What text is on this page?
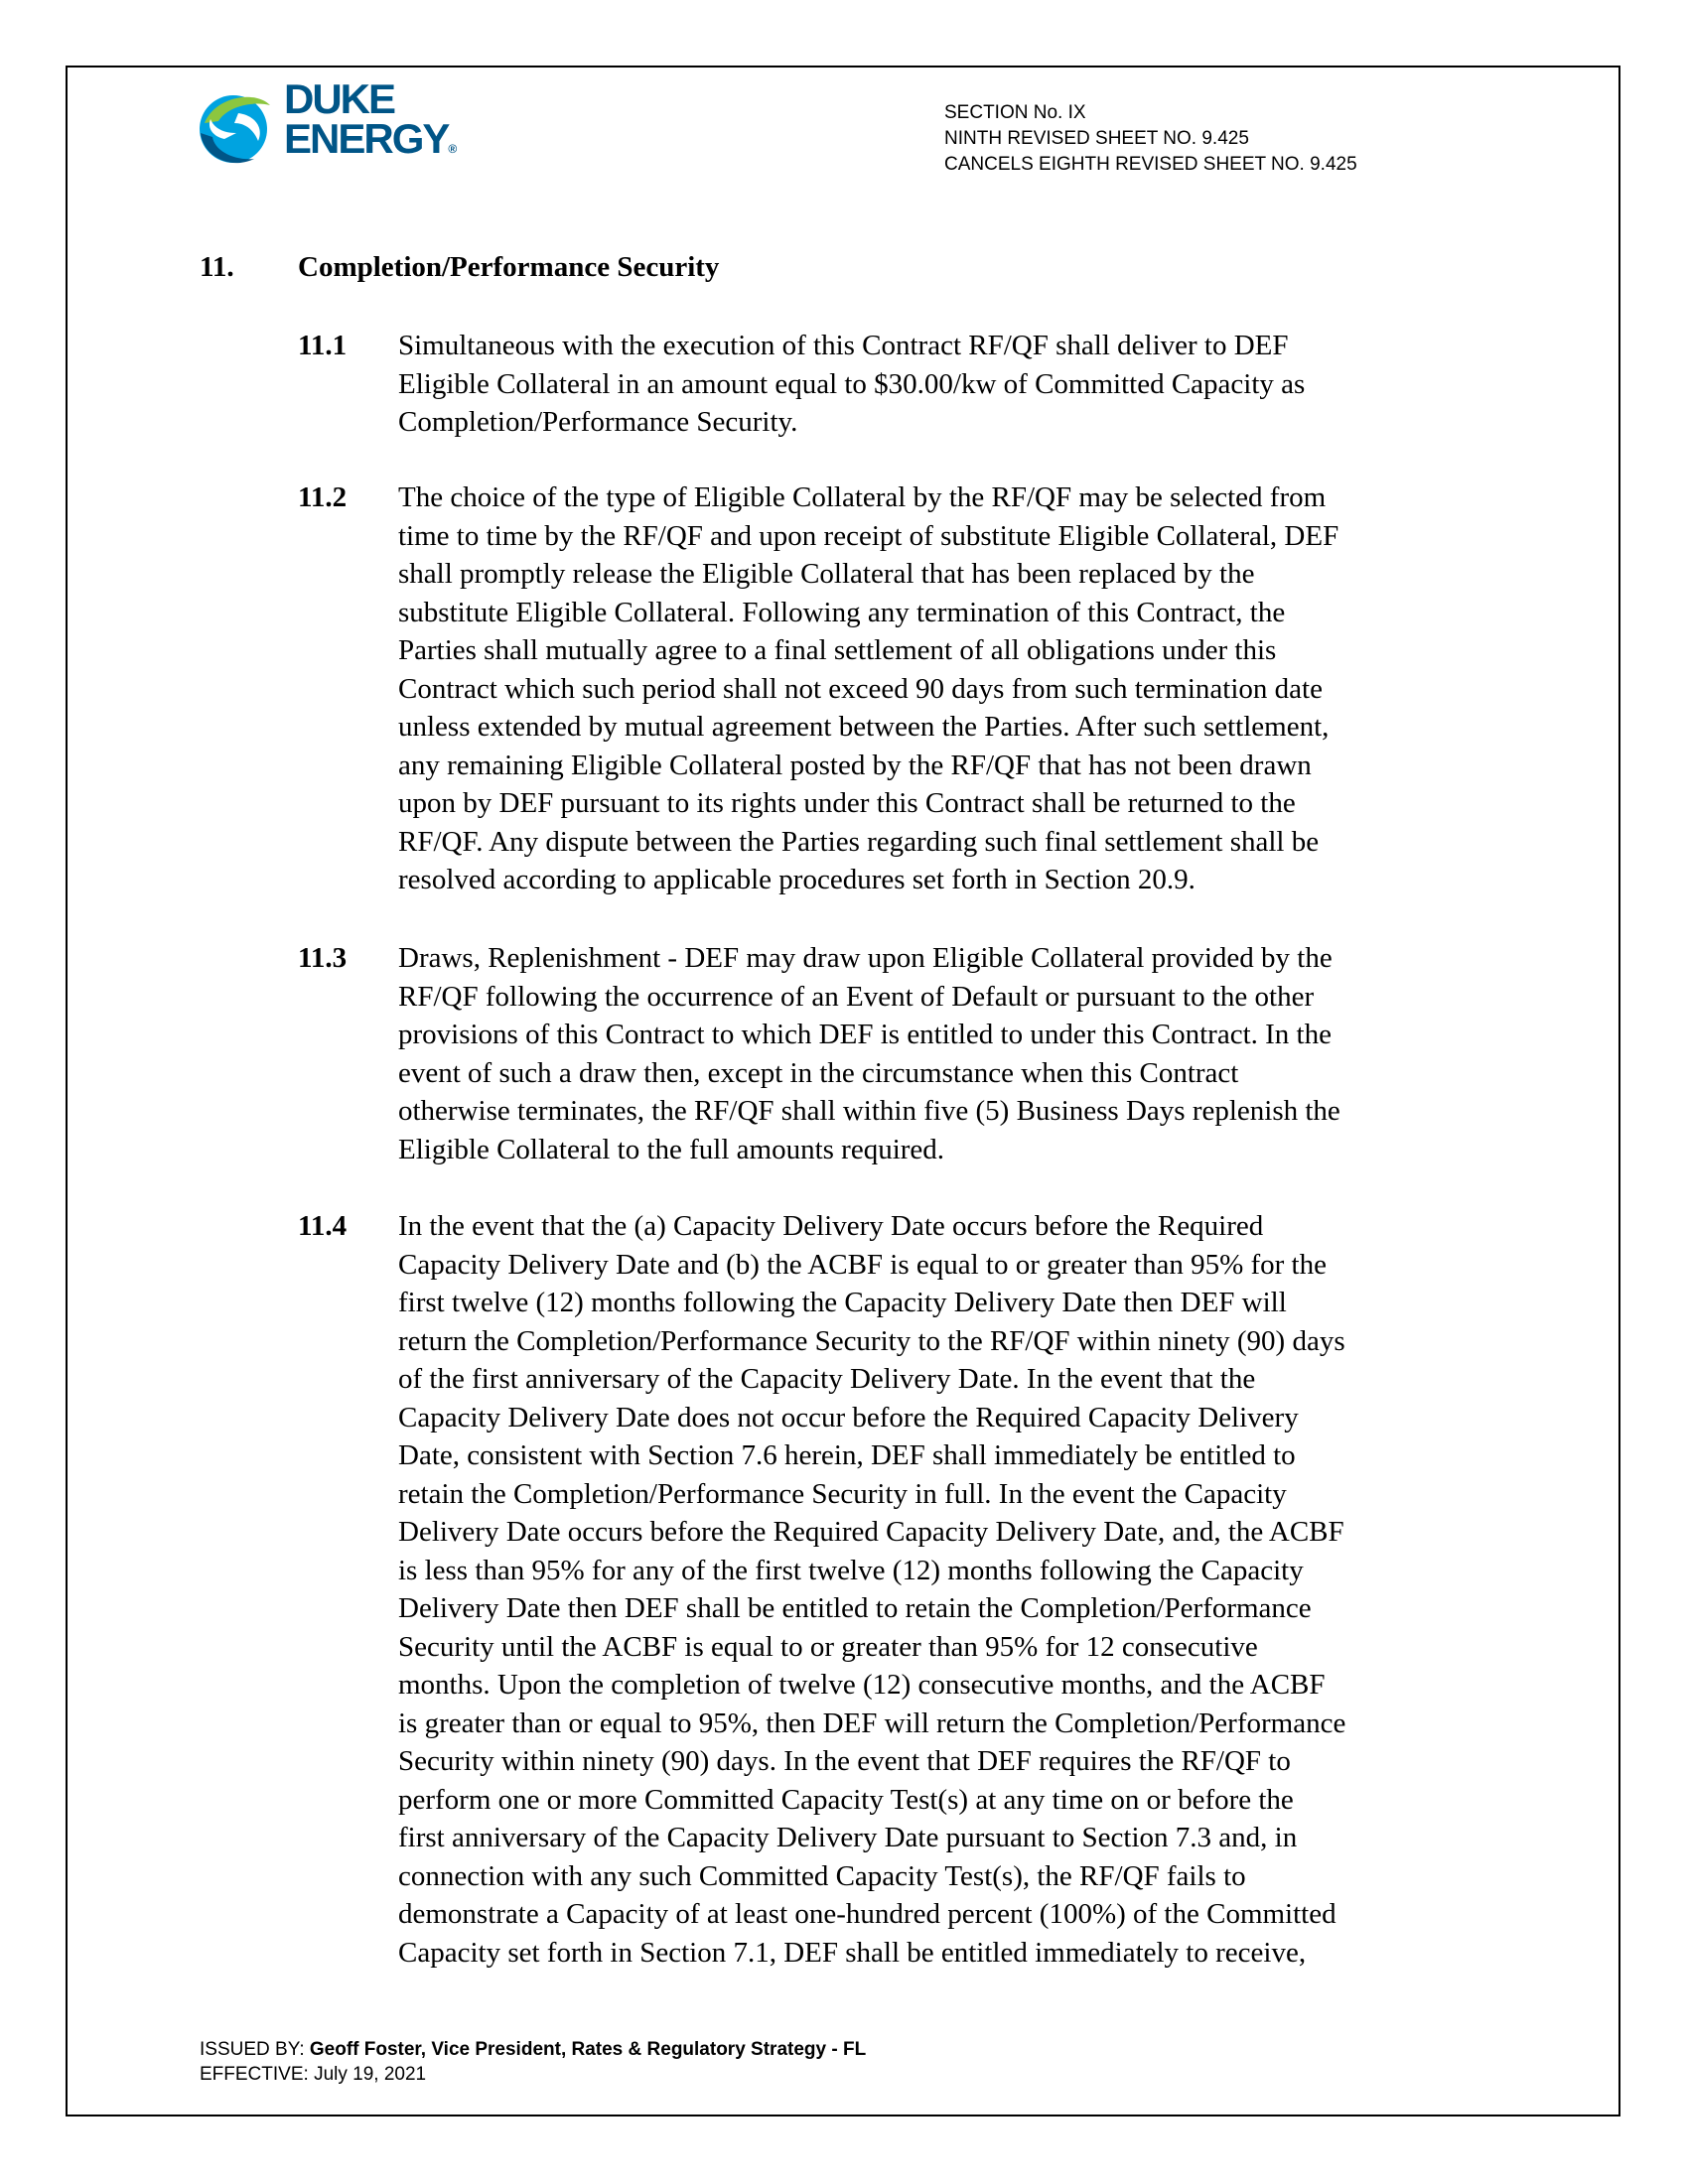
DUKE
ENERGY®
SECTION No. IX
NINTH REVISED SHEET NO. 9.425
CANCELS EIGHTH REVISED SHEET NO. 9.425
11. Completion/Performance Security
11.1 Simultaneous with the execution of this Contract RF/QF shall deliver to DEF
Eligible Collateral in an amount equal to $30.00/kw of Committed Capacity as
Completion/Performance Security.
11.2 The choice of the type of Eligible Collateral by the RF/QF may be selected from
time to time by the RF/QF and upon receipt of substitute Eligible Collateral, DEF
shall promptly release the Eligible Collateral that has been replaced by the
substitute Eligible Collateral. Following any termination of this Contract, the
Parties shall mutually agree to a final settlement of all obligations under this
Contract which such period shall not exceed 90 days from such termination date
unless extended by mutual agreement between the Parties. After such settlement,
any remaining Eligible Collateral posted by the RF/QF that has not been drawn
upon by DEF pursuant to its rights under this Contract shall be returned to the
RF/QF. Any dispute between the Parties regarding such final settlement shall be
resolved according to applicable procedures set forth in Section 20.9.
11.3 Draws, Replenishment - DEF may draw upon Eligible Collateral provided by the
RF/QF following the occurrence of an Event of Default or pursuant to the other
provisions of this Contract to which DEF is entitled to under this Contract. In the
event of such a draw then, except in the circumstance when this Contract
otherwise terminates, the RF/QF shall within five (5) Business Days replenish the
Eligible Collateral to the full amounts required.
11.4 In the event that the (a) Capacity Delivery Date occurs before the Required
Capacity Delivery Date and (b) the ACBF is equal to or greater than 95% for the
first twelve (12) months following the Capacity Delivery Date then DEF will
return the Completion/Performance Security to the RF/QF within ninety (90) days
of the first anniversary of the Capacity Delivery Date. In the event that the
Capacity Delivery Date does not occur before the Required Capacity Delivery
Date, consistent with Section 7.6 herein, DEF shall immediately be entitled to
retain the Completion/Performance Security in full. In the event the Capacity
Delivery Date occurs before the Required Capacity Delivery Date, and, the ACBF
is less than 95% for any of the first twelve (12) months following the Capacity
Delivery Date then DEF shall be entitled to retain the Completion/Performance
Security until the ACBF is equal to or greater than 95% for 12 consecutive
months. Upon the completion of twelve (12) consecutive months, and the ACBF
is greater than or equal to 95%, then DEF will return the Completion/Performance
Security within ninety (90) days. In the event that DEF requires the RF/QF to
perform one or more Committed Capacity Test(s) at any time on or before the
first anniversary of the Capacity Delivery Date pursuant to Section 7.3 and, in
connection with any such Committed Capacity Test(s), the RF/QF fails to
demonstrate a Capacity of at least one-hundred percent (100%) of the Committed
Capacity set forth in Section 7.1, DEF shall be entitled immediately to receive,
ISSUED BY: Geoff Foster, Vice President, Rates & Regulatory Strategy - FL
EFFECTIVE: July 19, 2021
